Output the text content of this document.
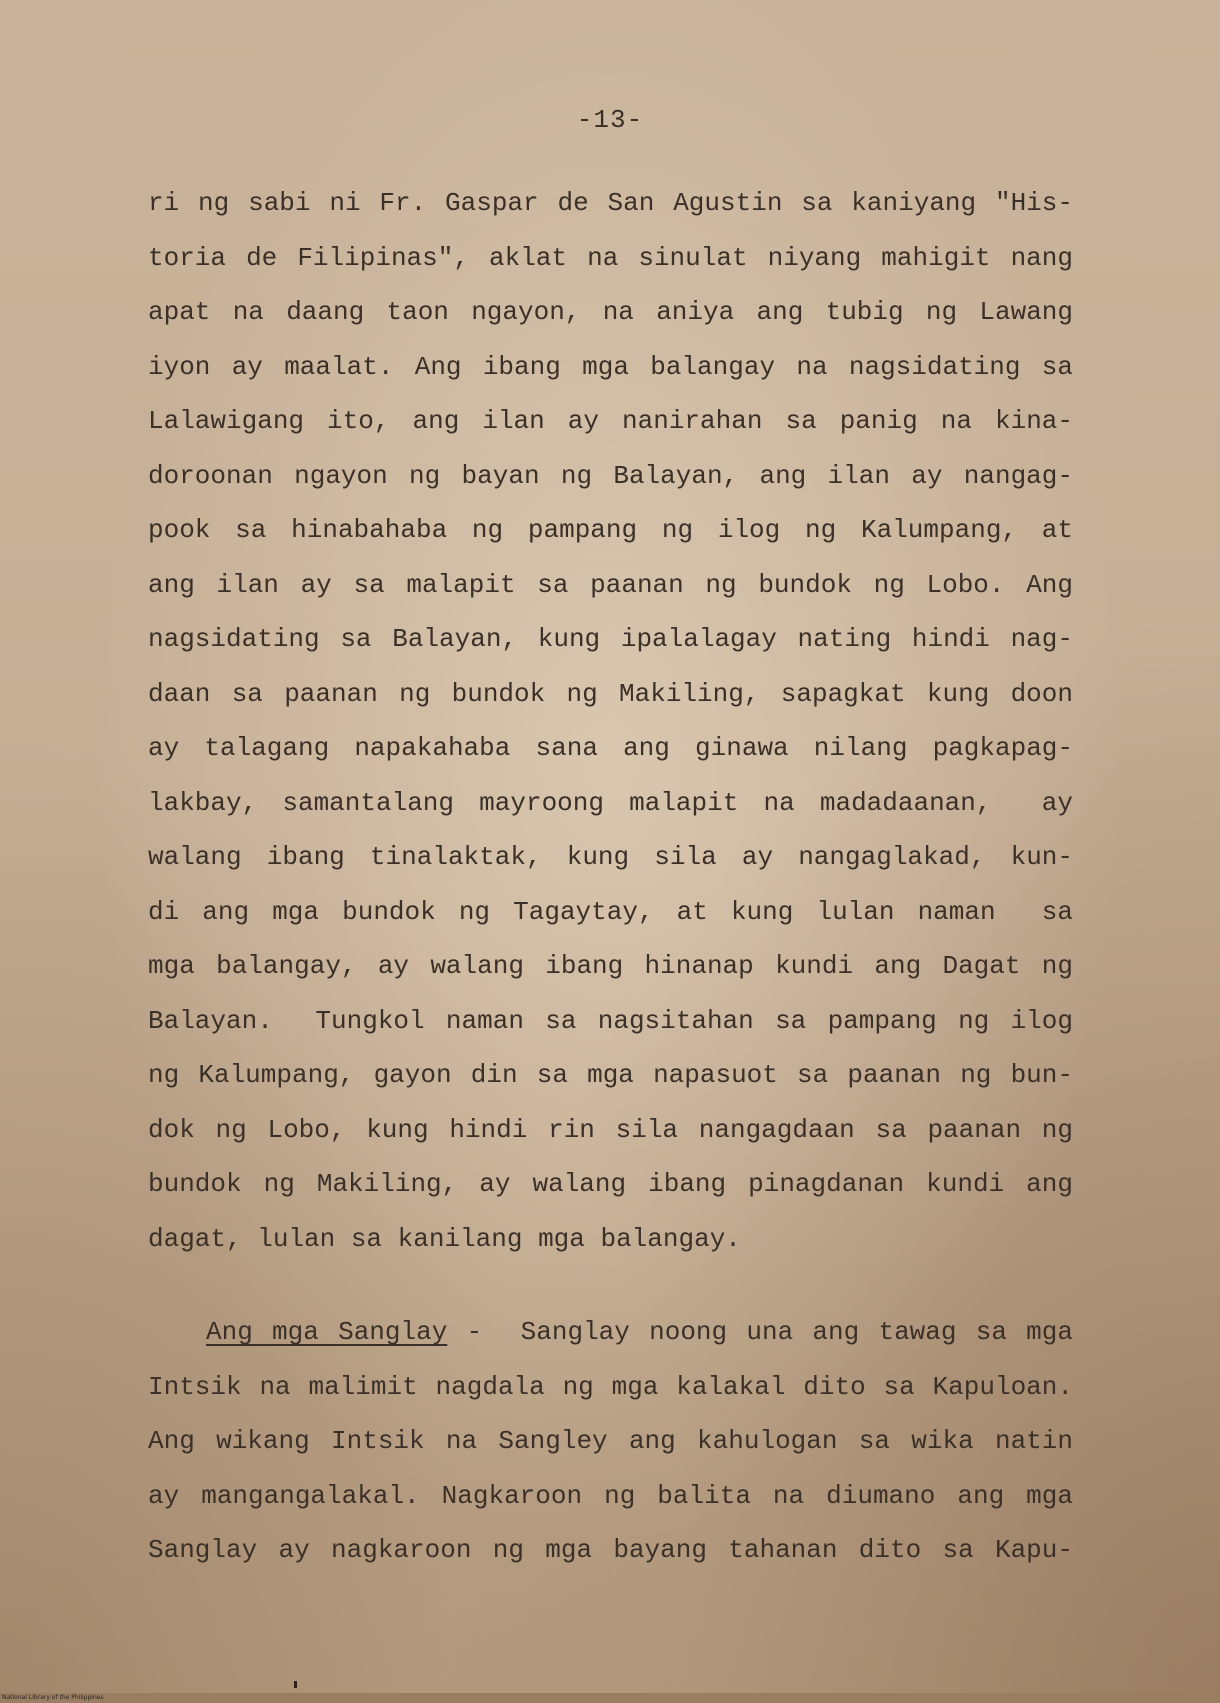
-13-
ri ng sabi ni Fr. Gaspar de San Agustin sa kaniyang "His-
toria de Filipinas", aklat na sinulat niyang mahigit nang
apat na daang taon ngayon, na aniya ang tubig ng Lawang
iyon ay maalat. Ang ibang mga balangay na nagsidating sa
Lalawigang ito, ang ilan ay nanirahan sa panig na kina-
doroonan ngayon ng bayan ng Balayan, ang ilan ay nangag-
pook sa hinabahaba ng pampang ng ilog ng Kalumpang, at
ang ilan ay sa malapit sa paanan ng bundok ng Lobo. Ang
nagsidating sa Balayan, kung ipalalagay nating hindi nag-
daan sa paanan ng bundok ng Makiling, sapagkat kung doon
ay talagang napakahaba sana ang ginawa nilang pagkapag-
lakbay, samantalang mayroong malapit na madadaanan,  ay
walang ibang tinalaktak, kung sila ay nangaglakad, kun-
di ang mga bundok ng Tagaytay, at kung lulan naman  sa
mga balangay, ay walang ibang hinanap kundi ang Dagat ng
Balayan.  Tungkol naman sa nagsitahan sa pampang ng ilog
ng Kalumpang, gayon din sa mga napasuot sa paanan ng bun-
dok ng Lobo, kung hindi rin sila nangagdaan sa paanan ng
bundok ng Makiling, ay walang ibang pinagdanan kundi ang
dagat, lulan sa kanilang mga balangay.
Ang mga Sanglay -  Sanglay noong una ang tawag sa mga
Intsik na malimit nagdala ng mga kalakal dito sa Kapuloan.
Ang wikang Intsik na Sangley ang kahulogan sa wika natin
ay mangangalakal. Nagkaroon ng balita na diumano ang mga
Sanglay ay nagkaroon ng mga bayang tahanan dito sa Kapu-
National Library of the Philippines
